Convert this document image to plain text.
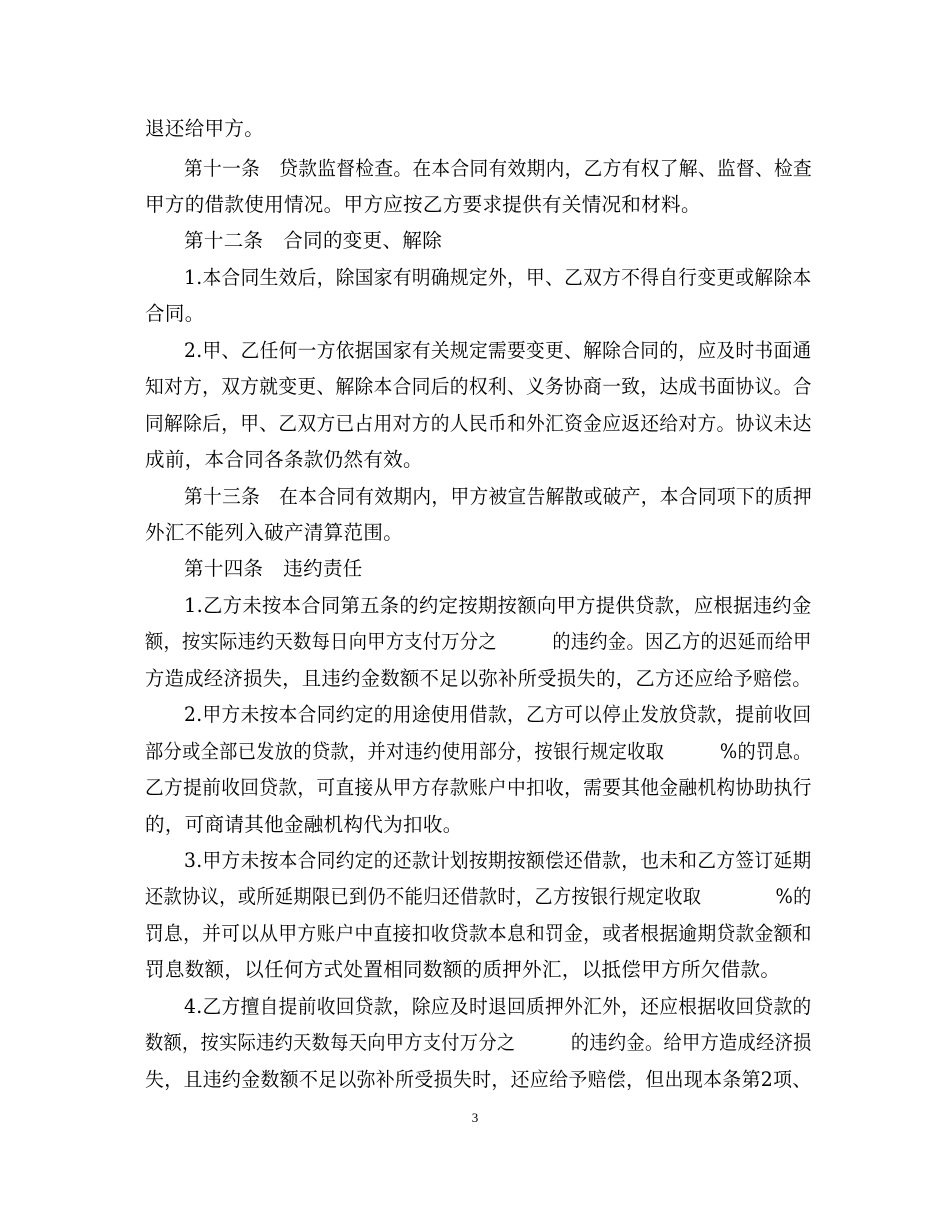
退还给甲方。
第十一条　贷款监督检查。在本合同有效期内，乙方有权了解、监督、检查
甲方的借款使用情况。甲方应按乙方要求提供有关情况和材料。
第十二条　合同的变更、解除
1.本合同生效后，除国家有明确规定外，甲、乙双方不得自行变更或解除本
合同。
2.甲、乙任何一方依据国家有关规定需要变更、解除合同的，应及时书面通
知对方，双方就变更、解除本合同后的权利、义务协商一致，达成书面协议。合
同解除后，甲、乙双方已占用对方的人民币和外汇资金应返还给对方。协议未达
成前，本合同各条款仍然有效。
第十三条　在本合同有效期内，甲方被宣告解散或破产，本合同项下的质押
外汇不能列入破产清算范围。
第十四条　违约责任
1.乙方未按本合同第五条的约定按期按额向甲方提供贷款，应根据违约金
额，按实际违约天数每日向甲方支付万分之　　　的违约金。因乙方的迟延而给甲
方造成经济损失，且违约金数额不足以弥补所受损失的，乙方还应给予赔偿。
2.甲方未按本合同约定的用途使用借款，乙方可以停止发放贷款，提前收回
部分或全部已发放的贷款，并对违约使用部分，按银行规定收取　　　%的罚息。
乙方提前收回贷款，可直接从甲方存款账户中扣收，需要其他金融机构协助执行
的，可商请其他金融机构代为扣收。
3.甲方未按本合同约定的还款计划按期按额偿还借款，也未和乙方签订延期
还款协议，或所延期限已到仍不能归还借款时，乙方按银行规定收取　　　　%的
罚息，并可以从甲方账户中直接扣收贷款本息和罚金，或者根据逾期贷款金额和
罚息数额，以任何方式处置相同数额的质押外汇，以抵偿甲方所欠借款。
4.乙方擅自提前收回贷款，除应及时退回质押外汇外，还应根据收回贷款的
数额，按实际违约天数每天向甲方支付万分之　　　的违约金。给甲方造成经济损
失，且违约金数额不足以弥补所受损失时，还应给予赔偿，但出现本条第2项、
3
